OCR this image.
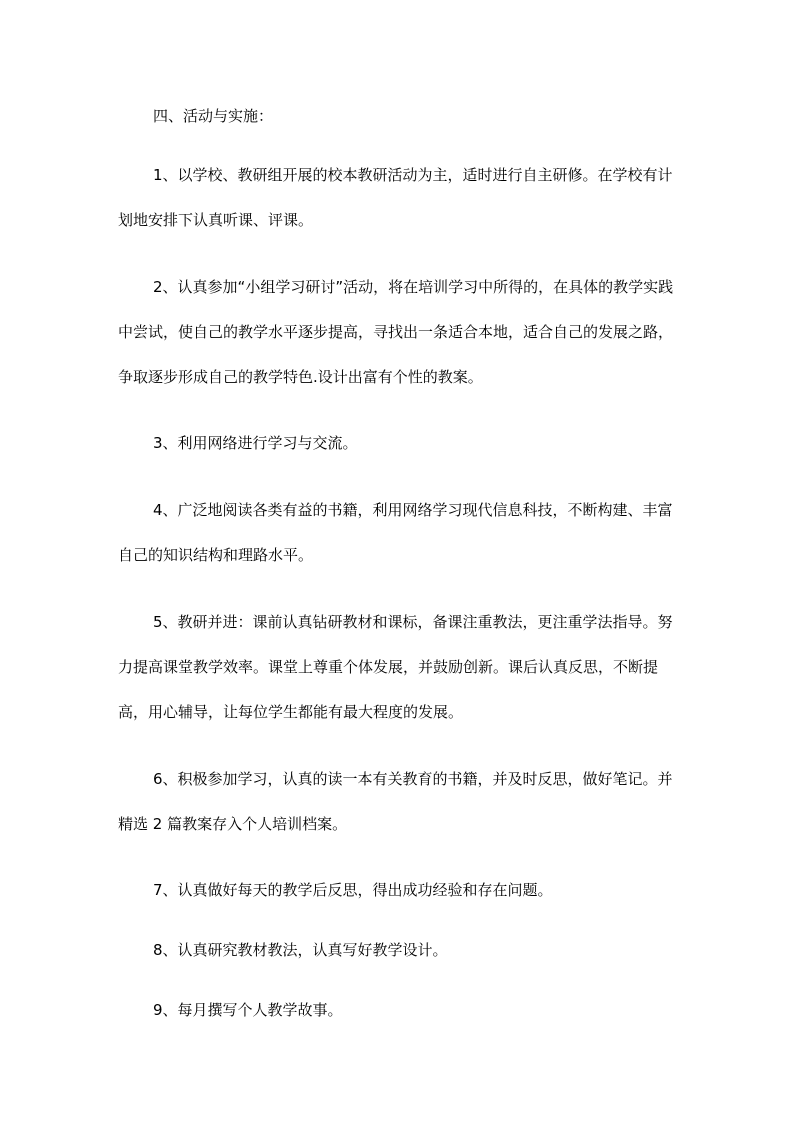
四、活动与实施：
1、以学校、教研组开展的校本教研活动为主，适时进行自主研修。在学校有计划地安排下认真听课、评课。
2、认真参加“小组学习研讨”活动，将在培训学习中所得的，在具体的教学实践中尝试，使自己的教学水平逐步提高，寻找出一条适合本地，适合自己的发展之路，争取逐步形成自己的教学特色.设计出富有个性的教案。
3、利用网络进行学习与交流。
4、广泛地阅读各类有益的书籍，利用网络学习现代信息科技，不断构建、丰富自己的知识结构和理路水平。
5、教研并进：课前认真钻研教材和课标，备课注重教法，更注重学法指导。努力提高课堂教学效率。课堂上尊重个体发展，并鼓励创新。课后认真反思，不断提高，用心辅导，让每位学生都能有最大程度的发展。
6、积极参加学习，认真的读一本有关教育的书籍，并及时反思，做好笔记。并精选 2 篇教案存入个人培训档案。
7、认真做好每天的教学后反思，得出成功经验和存在问题。
8、认真研究教材教法，认真写好教学设计。
9、每月撰写个人教学故事。
